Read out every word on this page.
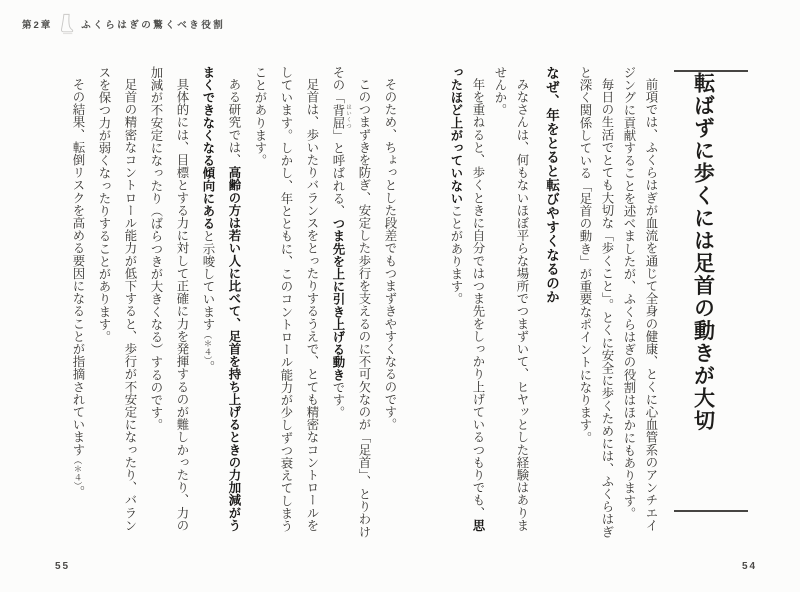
第2章	ふくらはぎの驚くべき役割
転ばずに歩くには足首の動きが大切

前項では、ふくらはぎが血流を通じて全身の健康、とくに心血管系のアンチエイジングに貢献することを述べましたが、ふくらはぎの役割はほかにもあります。

毎日の生活でとても大切な「歩くこと」。とくに安全に歩くためには、ふくらはぎと深く関係している「足首の動き」が重要なポイントになります。

なぜ、年をとると転びやすくなるのか

みなさんは、何もないほぼ平らな場所でつまずいて、ヒヤッとした経験はありませんか。

年を重ねると、歩くときに自分ではつま先をしっかり上げているつもりでも、思ったほど上がっていないことがあります。

そのため、ちょっとした段差でもつまずきやすくなるのです。

このつまずきを防ぎ、安定した歩行を支えるのに不可欠なのが「足首」、とりわけその「背屈 はいくつ」と呼ばれる、つま先を上に引き上げる動きです。

足首は、歩いたりバランスをとったりするうえで、とても精密なコントロールをしています。しかし、年とともに、このコントロール能力が少しずつ衰えてしまうことがあります。

ある研究では、高齢の方は若い人に比べて、足首を持ち上げるときの力加減がうまくできなくなる傾向にあると示唆しています（＊４）。

具体的には、目標とする力に対して正確に力を発揮するのが難しかったり、力の加減が不安定になったり（ばらつきが大きくなる）するのです。

足首の精密なコントロール能力が低下すると、歩行が不安定になったり、バランスを保つ力が弱くなったりすることがあります。

その結果、転倒リスクを高める要因になることが指摘されています（＊４）。

55	54
